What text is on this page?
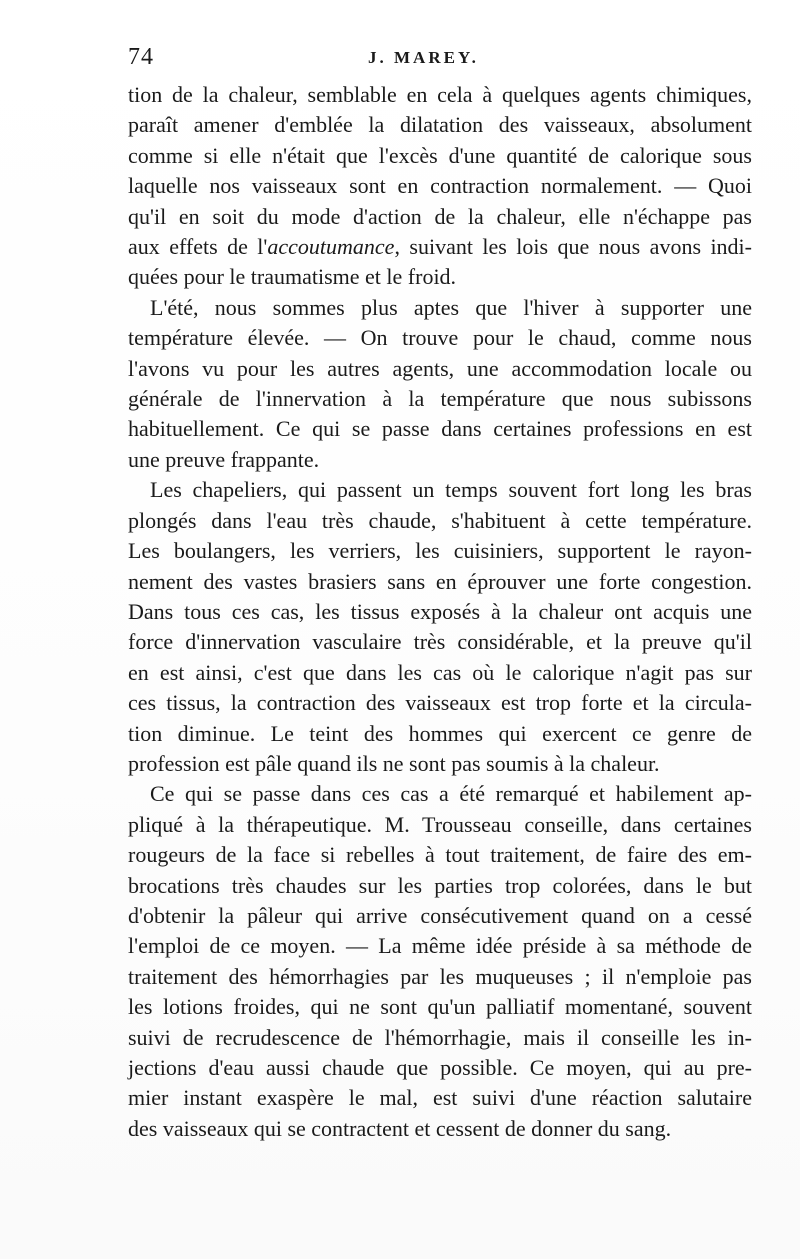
74	J. MAREY.
tion de la chaleur, semblable en cela à quelques agents chimiques,
paraît amener d'emblée la dilatation des vaisseaux, absolument
comme si elle n'était que l'excès d'une quantité de calorique sous
laquelle nos vaisseaux sont en contraction normalement. — Quoi
qu'il en soit du mode d'action de la chaleur, elle n'échappe pas
aux effets de l'accoutumance, suivant les lois que nous avons indi-
quées pour le traumatisme et le froid.
L'été, nous sommes plus aptes que l'hiver à supporter une
température élevée. — On trouve pour le chaud, comme nous
l'avons vu pour les autres agents, une accommodation locale ou
générale de l'innervation à la température que nous subissons
habituellement. Ce qui se passe dans certaines professions en est
une preuve frappante.
Les chapeliers, qui passent un temps souvent fort long les bras
plongés dans l'eau très chaude, s'habituent à cette température.
Les boulangers, les verriers, les cuisiniers, supportent le rayon-
nement des vastes brasiers sans en éprouver une forte congestion.
Dans tous ces cas, les tissus exposés à la chaleur ont acquis une
force d'innervation vasculaire très considérable, et la preuve qu'il
en est ainsi, c'est que dans les cas où le calorique n'agit pas sur
ces tissus, la contraction des vaisseaux est trop forte et la circula-
tion diminue. Le teint des hommes qui exercent ce genre de
profession est pâle quand ils ne sont pas soumis à la chaleur.
Ce qui se passe dans ces cas a été remarqué et habilement ap-
pliqué à la thérapeutique. M. Trousseau conseille, dans certaines
rougeurs de la face si rebelles à tout traitement, de faire des em-
brocations très chaudes sur les parties trop colorées, dans le but
d'obtenir la pâleur qui arrive consécutivement quand on a cessé
l'emploi de ce moyen. — La même idée préside à sa méthode de
traitement des hémorrhagies par les muqueuses ; il n'emploie pas
les lotions froides, qui ne sont qu'un palliatif momentané, souvent
suivi de recrudescence de l'hémorrhagie, mais il conseille les in-
jections d'eau aussi chaude que possible. Ce moyen, qui au pre-
mier instant exaspère le mal, est suivi d'une réaction salutaire
des vaisseaux qui se contractent et cessent de donner du sang.
